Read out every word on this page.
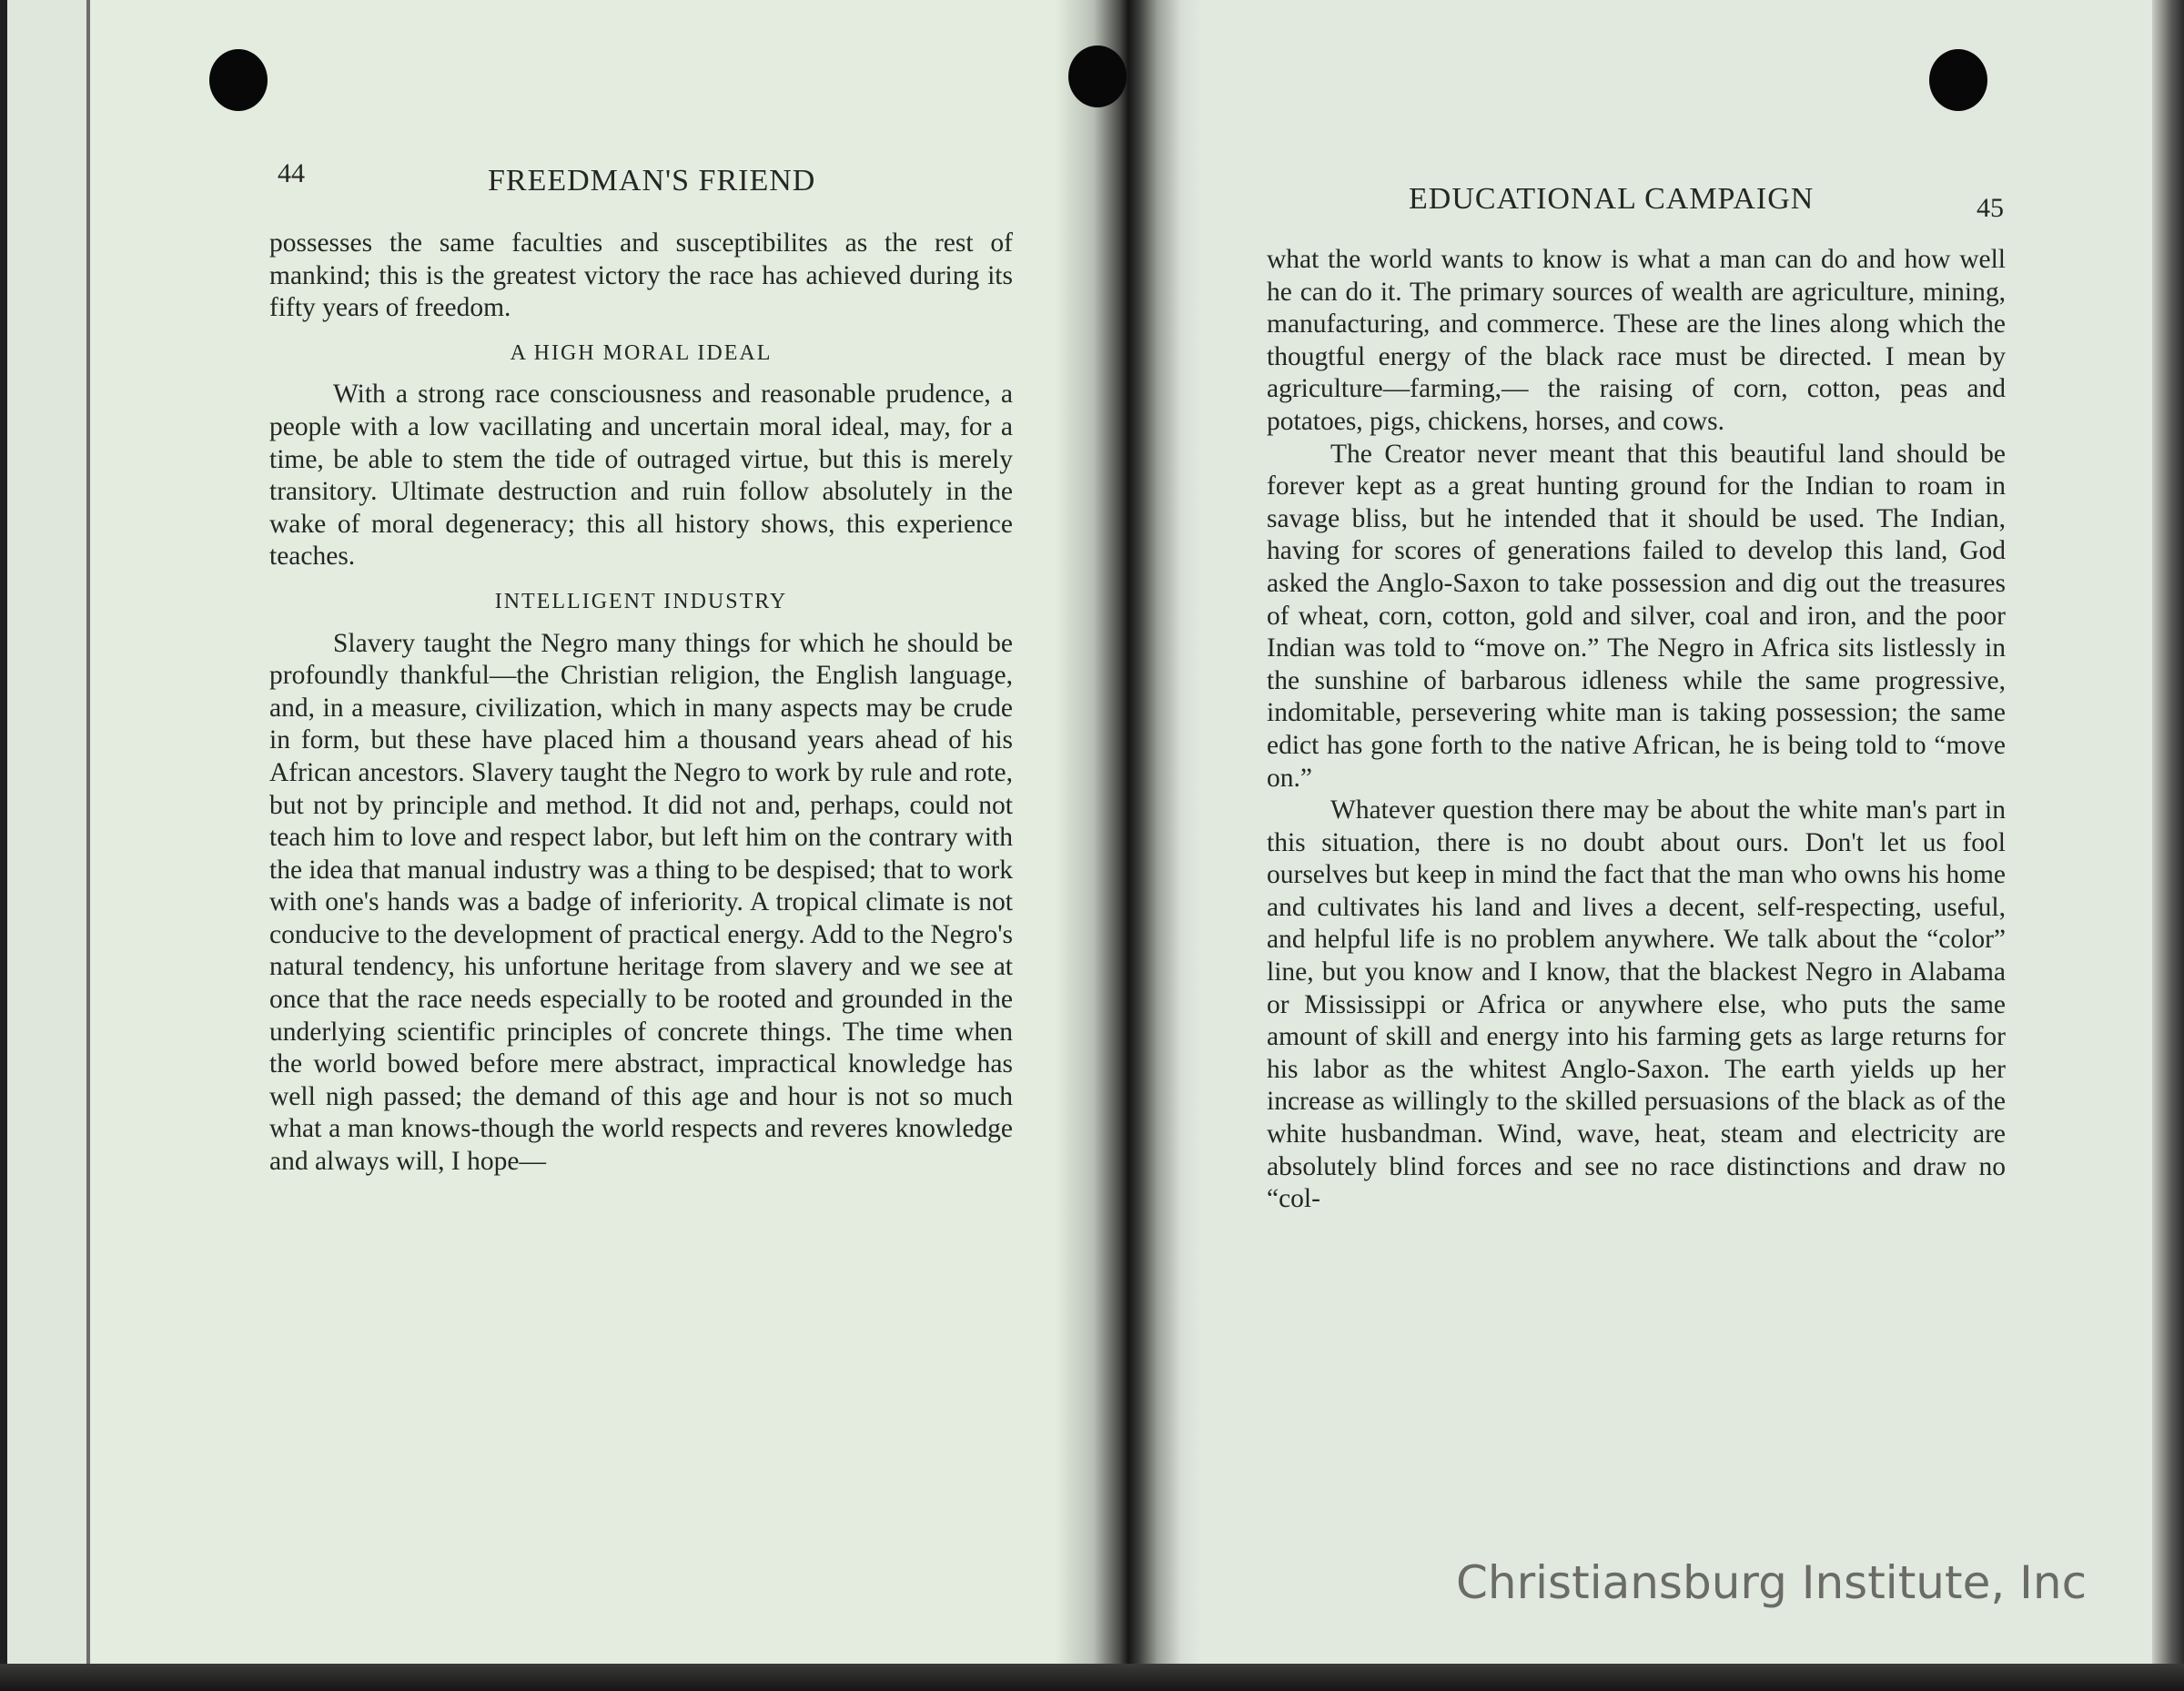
44	FREEDMAN'S FRIEND

possesses the same faculties and susceptibilites as the rest of mankind; this is the greatest victory the race has achieved during its fifty years of freedom.

A HIGH MORAL IDEAL

With a strong race consciousness and reasonable prudence, a people with a low vacillating and uncertain moral ideal, may, for a time, be able to stem the tide of outraged virtue, but this is merely transitory. Ultimate destruction and ruin follow absolutely in the wake of moral degeneracy; this all history shows, this experience teaches.

INTELLIGENT INDUSTRY

Slavery taught the Negro many things for which he should be profoundly thankful—the Christian religion, the English language, and, in a measure, civilization, which in many aspects may be crude in form, but these have placed him a thousand years ahead of his African ancestors. Slavery taught the Negro to work by rule and rote, but not by principle and method. It did not and, perhaps, could not teach him to love and respect labor, but left him on the contrary with the idea that manual industry was a thing to be despised; that to work with one's hands was a badge of inferiority. A tropical climate is not conducive to the development of practical energy. Add to the Negro's natural tendency, his unfortune heritage from slavery and we see at once that the race needs especially to be rooted and grounded in the underlying scientific principles of concrete things. The time when the world bowed before mere abstract, impractical knowledge has well nigh passed; the demand of this age and hour is not so much what a man knows-though the world respects and reveres knowledge and always will, I hope—

EDUCATIONAL CAMPAIGN	45

what the world wants to know is what a man can do and how well he can do it. The primary sources of wealth are agriculture, mining, manufacturing, and commerce. These are the lines along which the thougtful energy of the black race must be directed. I mean by agriculture—farming,— the raising of corn, cotton, peas and potatoes, pigs, chickens, horses, and cows.

The Creator never meant that this beautiful land should be forever kept as a great hunting ground for the Indian to roam in savage bliss, but he intended that it should be used. The Indian, having for scores of generations failed to develop this land, God asked the Anglo-Saxon to take possession and dig out the treasures of wheat, corn, cotton, gold and silver, coal and iron, and the poor Indian was told to “move on.” The Negro in Africa sits listlessly in the sunshine of barbarous idleness while the same progressive, indomitable, persevering white man is taking possession; the same edict has gone forth to the native African, he is being told to “move on.”

Whatever question there may be about the white man's part in this situation, there is no doubt about ours. Don't let us fool ourselves but keep in mind the fact that the man who owns his home and cultivates his land and lives a decent, self-respecting, useful, and helpful life is no problem anywhere. We talk about the “color” line, but you know and I know, that the blackest Negro in Alabama or Mississippi or Africa or anywhere else, who puts the same amount of skill and energy into his farming gets as large returns for his labor as the whitest Anglo-Saxon. The earth yields up her increase as willingly to the skilled persuasions of the black as of the white husbandman. Wind, wave, heat, steam and electricity are absolutely blind forces and see no race distinctions and draw no “col-

Christiansburg Institute, Inc
